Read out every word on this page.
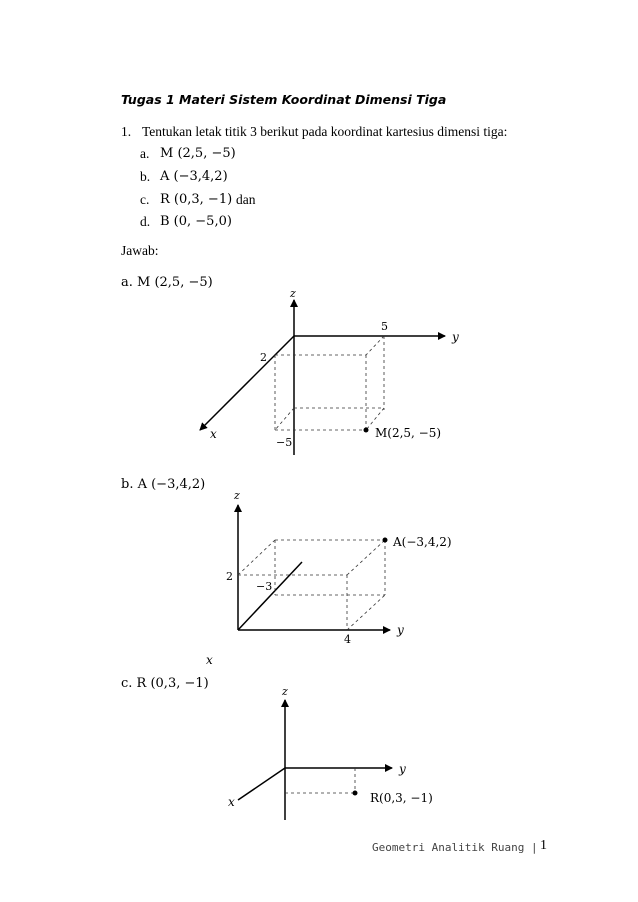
Tugas 1 Materi Sistem Koordinat Dimensi Tiga
1. Tentukan letak titik 3 berikut pada koordinat kartesius dimensi tiga:
a. M (2,5, −5)
b. A (−3,4,2)
c. R (0,3, −1) dan
d. B (0, −5,0)
Jawab:
a. M (2,5, −5)
z
y
x
2
5
−5
M(2,5, −5)
b. A (−3,4,2)
z
y
x
2
−3
4
A(−3,4,2)
c. R (0,3, −1)
z
y
x	R(0,3, −1)
Geometri Analitik Ruang | 1
